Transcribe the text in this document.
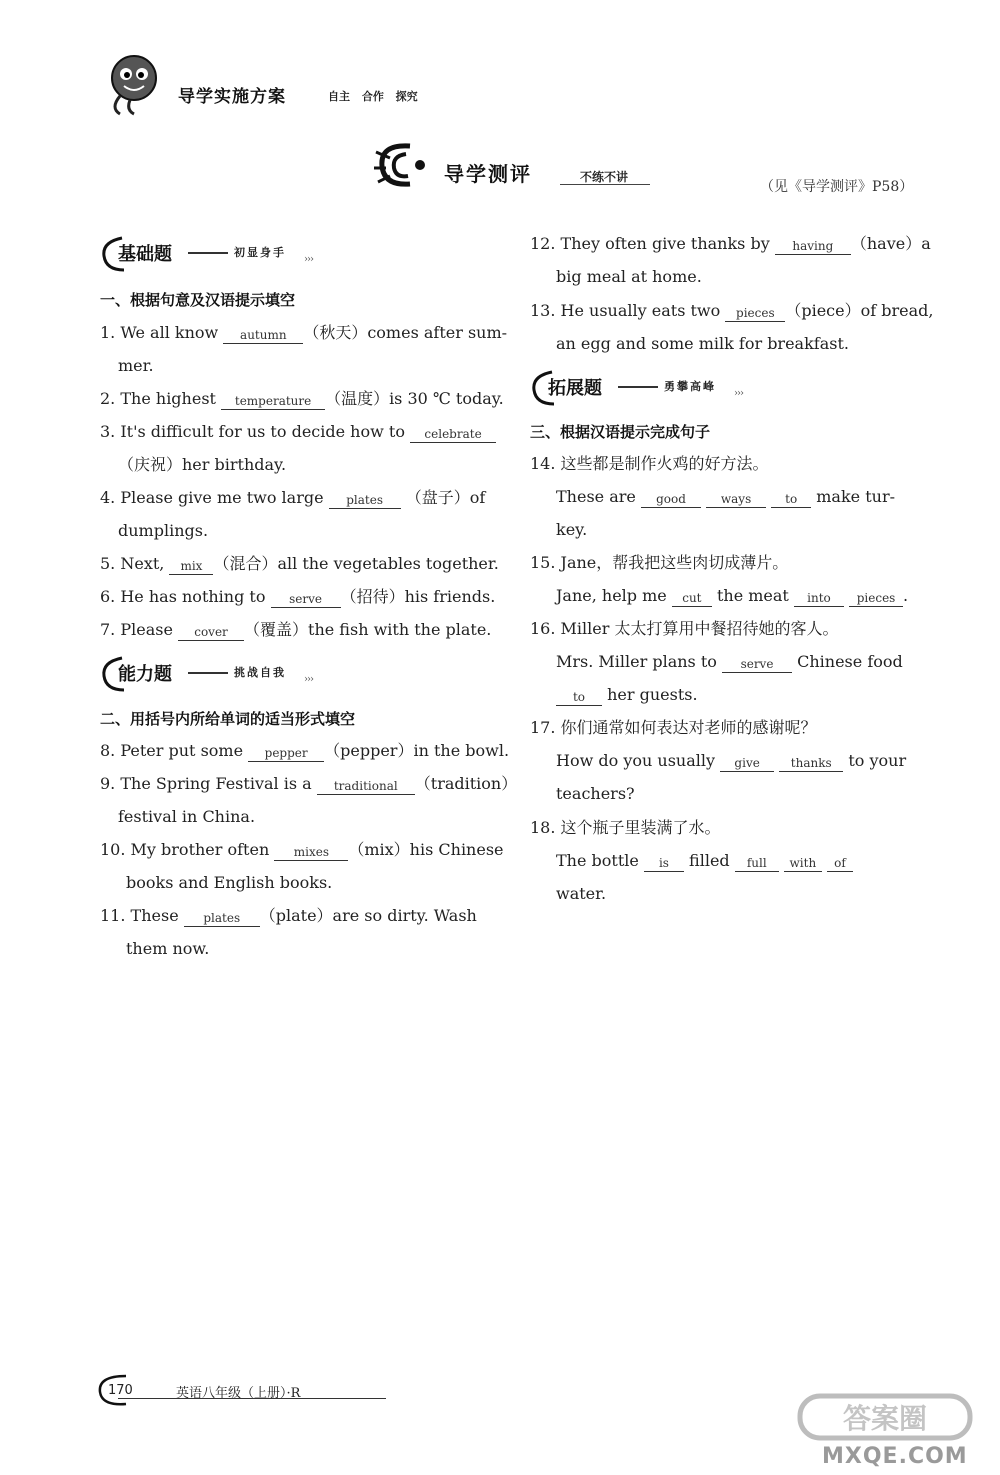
导学实施方案	自主 合作 探究
导学测评	不练不讲
（见《导学测评》P58）
基础题	初显身手
›››
一、根据句意及汉语提示填空
1. We all know autumn （秋天）comes after sum-
mer.
2. The highest temperature （温度）is 30 ℃ today.
3. It's difficult for us to decide how to celebrate
（庆祝）her birthday.
4. Please give me two large plates （盘子）of
dumplings.
5. Next, mix （混合）all the vegetables together.
6. He has nothing to serve （招待）his friends.
7. Please cover （覆盖）the fish with the plate.
能力题	挑战自我
›››
二、用括号内所给单词的适当形式填空
8. Peter put some pepper （pepper）in the bowl.
9. The Spring Festival is a traditional （tradition）
festival in China.
10. My brother often mixes （mix）his Chinese
books and English books.
11. These plates （plate）are so dirty. Wash
them now.
12. They often give thanks by having （have）a
big meal at home.
13. He usually eats two pieces （piece）of bread,
an egg and some milk for breakfast.
拓展题	勇攀高峰
›››
三、根据汉语提示完成句子
14. 这些都是制作火鸡的好方法。
These are good	ways	to make tur-
key.
15. Jane，帮我把这些肉切成薄片。
Jane, help me cut the meat into pieces .
16. Miller 太太打算用中餐招待她的客人。
Mrs. Miller plans to serve Chinese food
to her guests.
17. 你们通常如何表达对老师的感谢呢？
How do you usually give	thanks to your
teachers?
18. 这个瓶子里装满了水。
The bottle is filled full with of
water.
170	英语八年级（上册）·R
答案圈
MXQE.COM
